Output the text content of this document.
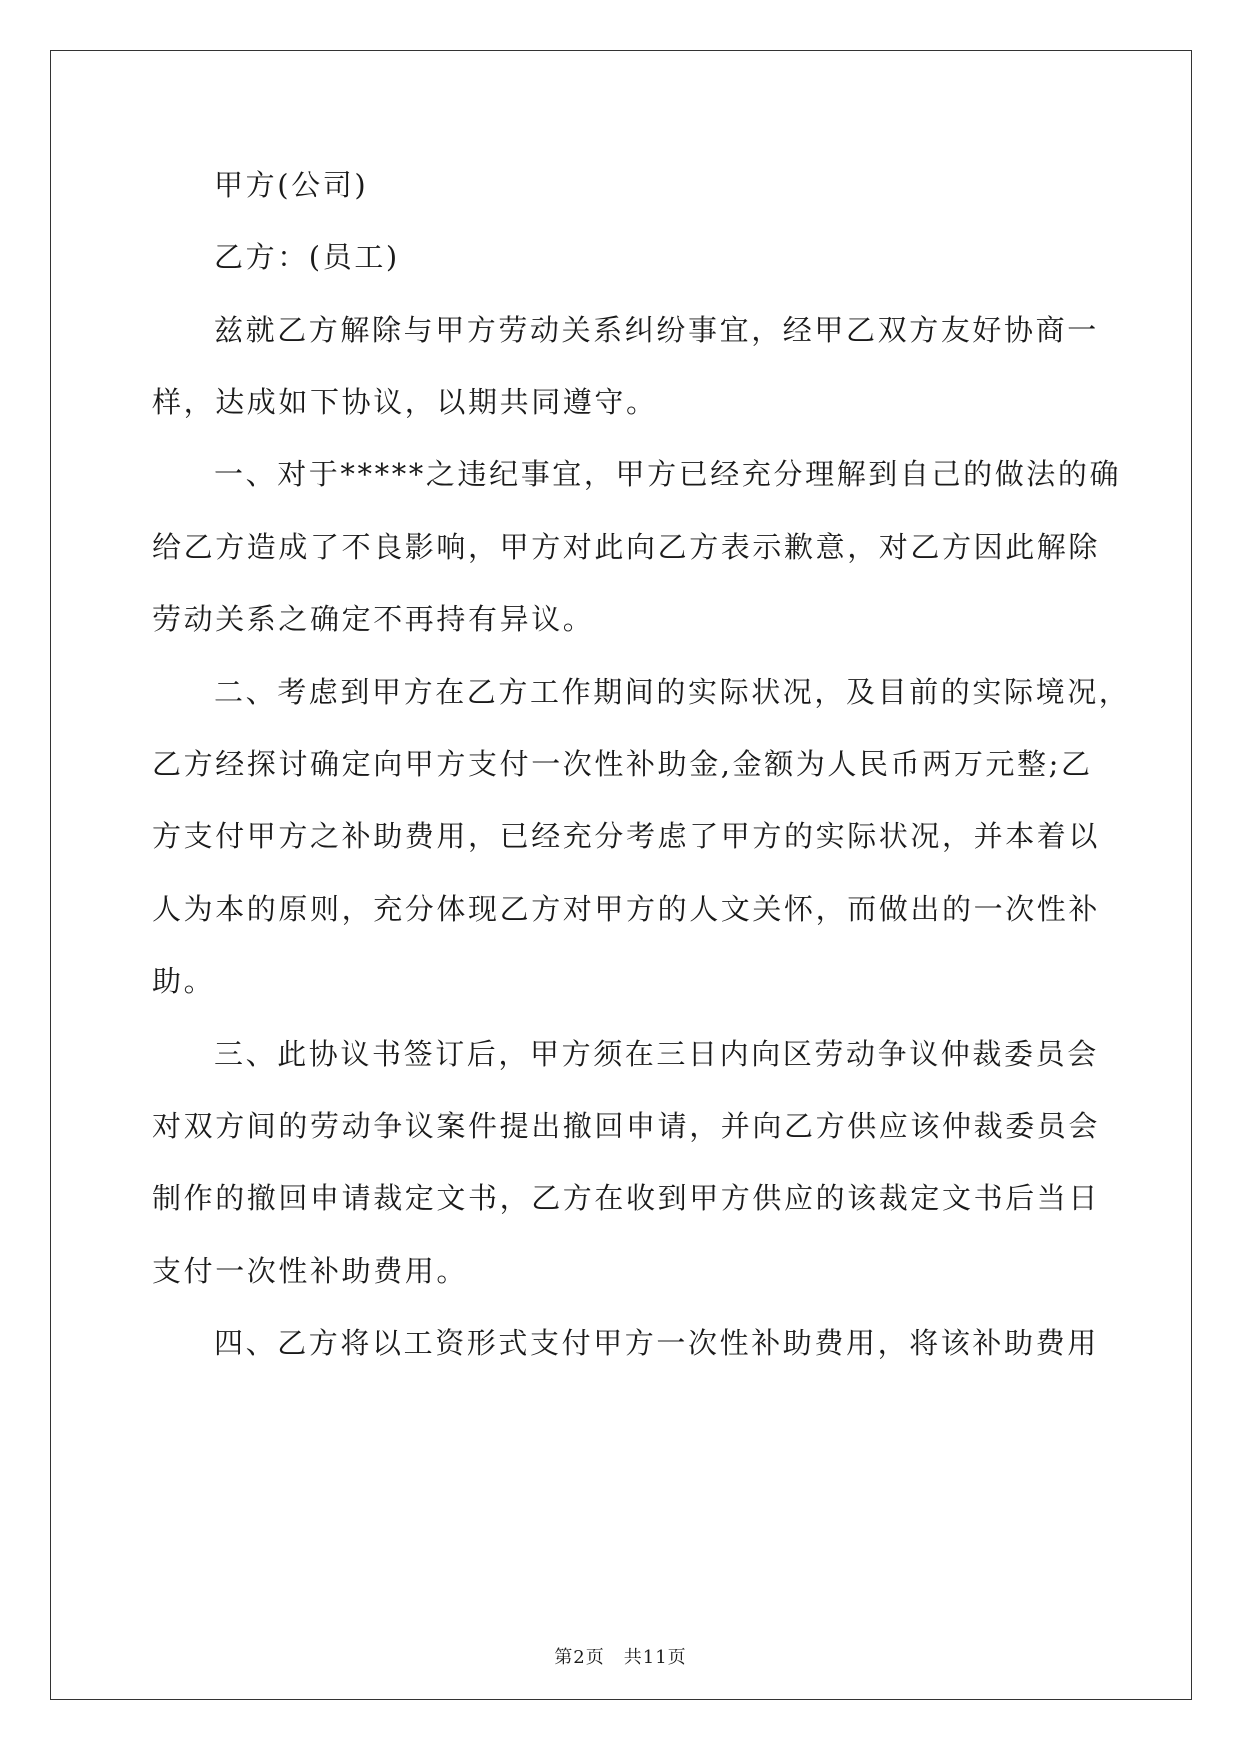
甲方(公司)
乙方：(员工)
兹就乙方解除与甲方劳动关系纠纷事宜，经甲乙双方友好协商一
样，达成如下协议，以期共同遵守。
一、对于*****之违纪事宜，甲方已经充分理解到自己的做法的确
给乙方造成了不良影响，甲方对此向乙方表示歉意，对乙方因此解除
劳动关系之确定不再持有异议。
二、考虑到甲方在乙方工作期间的实际状况，及目前的实际境况，
乙方经探讨确定向甲方支付一次性补助金,金额为人民币两万元整;乙
方支付甲方之补助费用，已经充分考虑了甲方的实际状况，并本着以
人为本的原则，充分体现乙方对甲方的人文关怀，而做出的一次性补
助。
三、此协议书签订后，甲方须在三日内向区劳动争议仲裁委员会
对双方间的劳动争议案件提出撤回申请，并向乙方供应该仲裁委员会
制作的撤回申请裁定文书，乙方在收到甲方供应的该裁定文书后当日
支付一次性补助费用。
四、乙方将以工资形式支付甲方一次性补助费用，将该补助费用
第2页　共11页
